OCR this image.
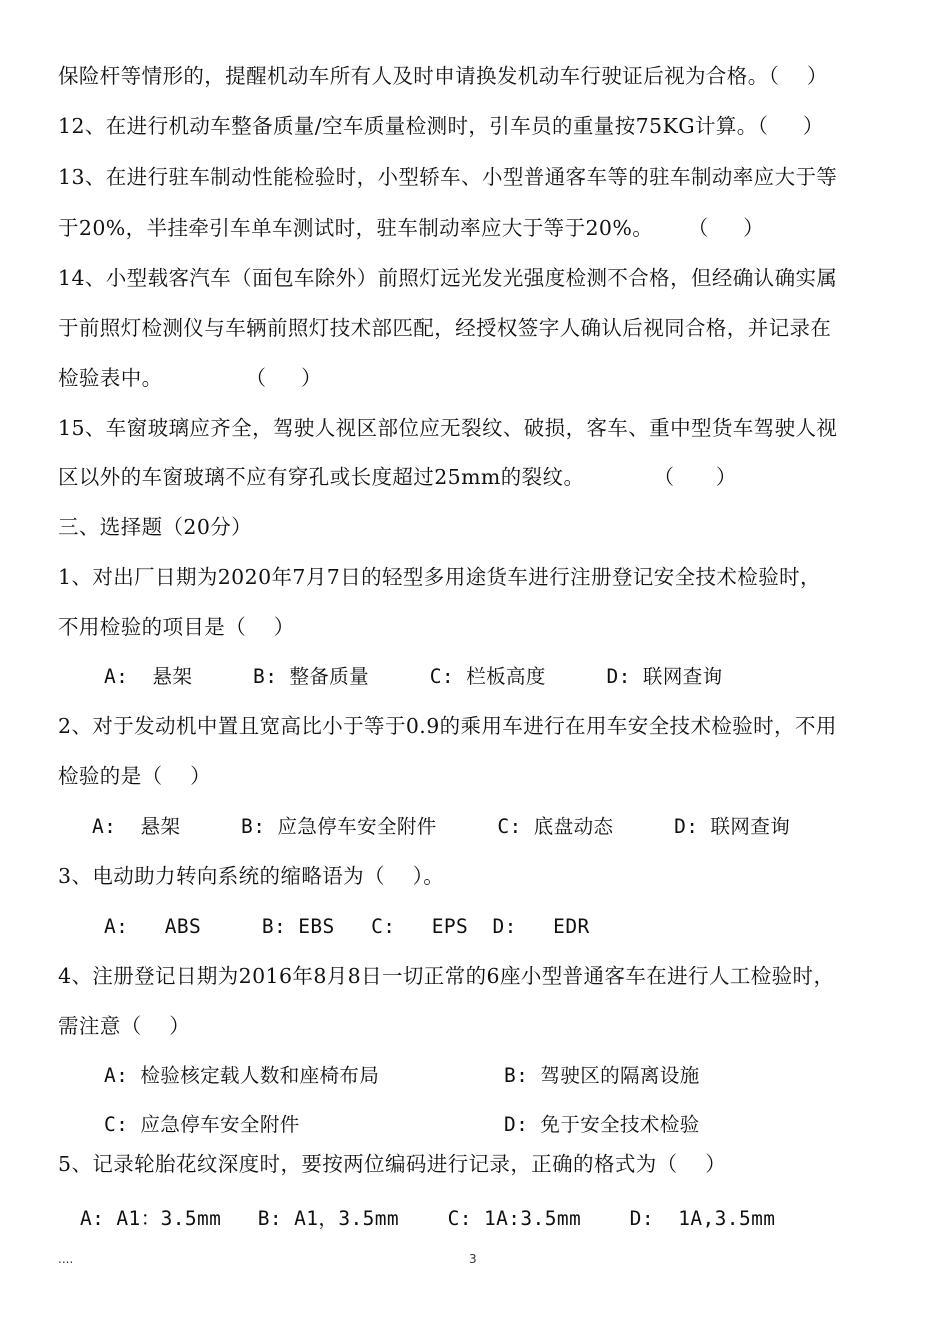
保险杆等情形的，提醒机动车所有人及时申请换发机动车行驶证后视为合格。（    ）
12、在进行机动车整备质量/空车质量检测时，引车员的重量按75KG计算。（     ）
13、在进行驻车制动性能检验时，小型轿车、小型普通客车等的驻车制动率应大于等
于20%，半挂牵引车单车测试时，驻车制动率应大于等于20%。     （     ）
14、小型载客汽车（面包车除外）前照灯远光发光强度检测不合格，但经确认确实属
于前照灯检测仪与车辆前照灯技术部匹配，经授权签字人确认后视同合格，并记录在
检验表中。            （     ）
15、车窗玻璃应齐全，驾驶人视区部位应无裂纹、破损，客车、重中型货车驾驶人视
区以外的车窗玻璃不应有穿孔或长度超过25mm的裂纹。          （      ）
三、选择题（20分）
1、对出厂日期为2020年7月7日的轻型多用途货车进行注册登记安全技术检验时，
不用检验的项目是（    ）
A:  悬架     B: 整备质量     C: 栏板高度     D: 联网查询
2、对于发动机中置且宽高比小于等于0.9的乘用车进行在用车安全技术检验时，不用
检验的是（    ）
A:  悬架     B: 应急停车安全附件     C: 底盘动态     D: 联网查询
3、电动助力转向系统的缩略语为（    ）。
A:   ABS     B: EBS   C:   EPS  D:   EDR
4、注册登记日期为2016年8月8日一切正常的6座小型普通客车在进行人工检验时，
需注意（    ）
A: 检验核定载人数和座椅布局	B: 驾驶区的隔离设施
C: 应急停车安全附件	D: 免于安全技术检验
5、记录轮胎花纹深度时，要按两位编码进行记录，正确的格式为（    ）
A: A1：3.5mm   B: A1，3.5mm    C: 1A:3.5mm    D:  1A,3.5mm
....	3
